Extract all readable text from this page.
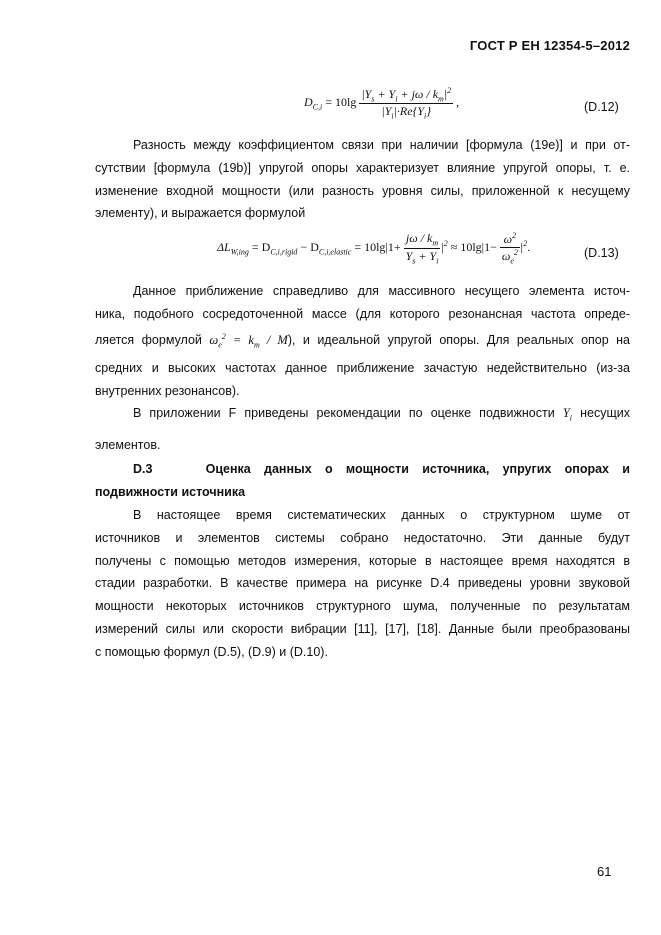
ГОСТ Р ЕН 12354-5–2012
$D_{C,i} = 10\lg \frac{|Y_s + Y_i + j\omega / k_m|^2}{|Y_i|\cdot Re\{Y_i\}}$ ,	(D.12)
Разность между коэффициентом связи при наличии [формула (19е)] и при от-
сутствии [формула (19b)] упругой опоры характеризует влияние упругой опоры, т. е.
изменение входной мощности (или разность уровня силы, приложенной к несущему
элементу), и выражается формулой
$\Delta L_{W,ing} = D_{C,i,rigid} - D_{C,i,elastic} = 10\lg|1+ \frac{j\omega / k_m}{Y_s + Y_i} |^2 \approx 10\lg|1- \frac{\omega^2}{\omega_e^2} |^2$.	(D.13)
Данное приближение справедливо для массивного несущего элемента источ-
ника, подобного сосредоточенной массе (для которого резонансная частота опреде-
ляется формулой $\omega_e^2 = k_m / M$), и идеальной упругой опоры. Для реальных опор на
средних и высоких частотах данное приближение зачастую недействительно (из-за
внутренних резонансов).
В приложении F приведены рекомендации по оценке подвижности $Y_i$ несущих
элементов.
D.3	Оценка данных о мощности источника, упругих опорах и
подвижности источника
В настоящее время систематических данных о структурном шуме от
источников и элементов системы собрано недостаточно. Эти данные будут
получены с помощью методов измерения, которые в настоящее время находятся в
стадии разработки. В качестве примера на рисунке D.4 приведены уровни звуковой
мощности некоторых источников структурного шума, полученные по результатам
измерений силы или скорости вибрации [11], [17], [18]. Данные были преобразованы
с помощью формул (D.5), (D.9) и (D.10).
61
